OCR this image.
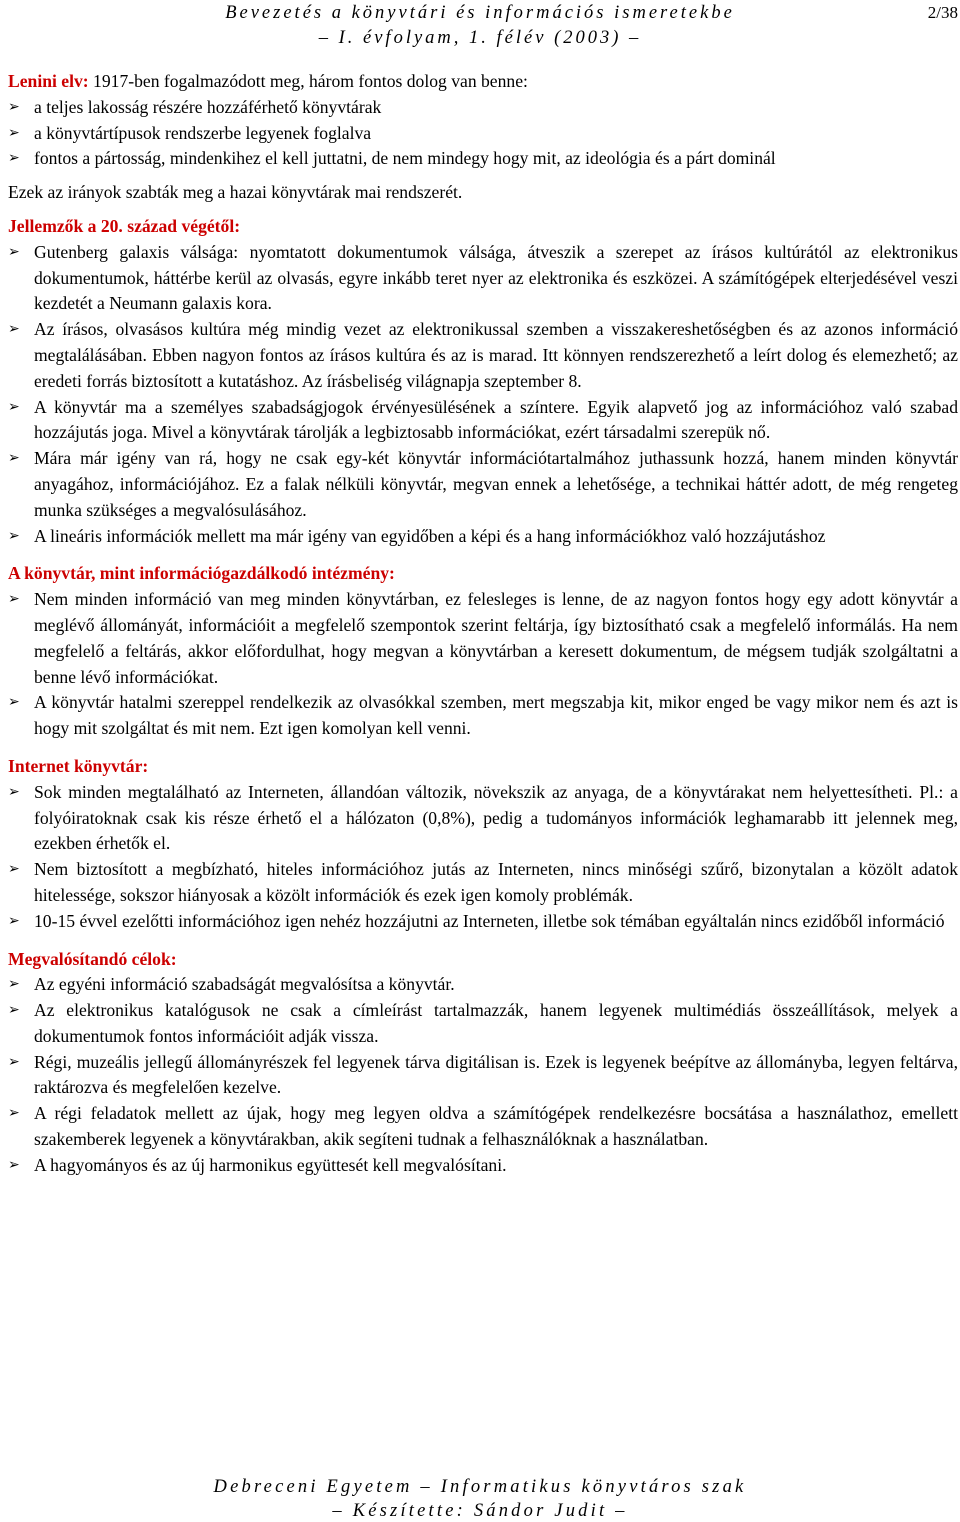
Bevezetés a könyvtári és információs ismeretekbe
– I. évfolyam, 1. félév (2003) –
2/38

Lenini elv: 1917-ben fogalmazódott meg, három fontos dolog van benne:

➢ a teljes lakosság részére hozzáférhető könyvtárak
➢ a könyvtártípusok rendszerbe legyenek foglalva
➢ fontos a pártosság, mindenkihez el kell juttatni, de nem mindegy hogy mit, az ideológia és a párt dominál

Ezek az irányok szabták meg a hazai könyvtárak mai rendszerét.

Jellemzők a 20. század végétől:

➢ Gutenberg galaxis válsága: nyomtatott dokumentumok válsága, átveszik a szerepet az írásos kultúrától az elektronikus dokumentumok, háttérbe kerül az olvasás, egyre inkább teret nyer az elektronika és eszközei. A számítógépek elterjedésével veszi kezdetét a Neumann galaxis kora.
➢ Az írásos, olvasásos kultúra még mindig vezet az elektronikussal szemben a visszakereshetőségben és az azonos információ megtalálásában. Ebben nagyon fontos az írásos kultúra és az is marad. Itt könnyen rendszerezhető a leírt dolog és elemezhető; az eredeti forrás biztosított a kutatáshoz. Az írásbeliség világnapja szeptember 8.
➢ A könyvtár ma a személyes szabadságjogok érvényesülésének a színtere. Egyik alapvető jog az információhoz való szabad hozzájutás joga. Mivel a könyvtárak tárolják a legbiztosabb információkat, ezért társadalmi szerepük nő.
➢ Mára már igény van rá, hogy ne csak egy-két könyvtár információtartalmához juthassunk hozzá, hanem minden könyvtár anyagához, információjához. Ez a falak nélküli könyvtár, megvan ennek a lehetősége, a technikai háttér adott, de még rengeteg munka szükséges a megvalósulásához.
➢ A lineáris információk mellett ma már igény van egyidőben a képi és a hang információkhoz való hozzájutáshoz

A könyvtár, mint információgazdálkodó intézmény:

➢ Nem minden információ van meg minden könyvtárban, ez felesleges is lenne, de az nagyon fontos hogy egy adott könyvtár a meglévő állományát, információit a megfelelő szempontok szerint feltárja, így biztosítható csak a megfelelő informálás. Ha nem megfelelő a feltárás, akkor előfordulhat, hogy megvan a könyvtárban a keresett dokumentum, de mégsem tudják szolgáltatni a benne lévő információkat.
➢ A könyvtár hatalmi szereppel rendelkezik az olvasókkal szemben, mert megszabja kit, mikor enged be vagy mikor nem és azt is hogy mit szolgáltat és mit nem. Ezt igen komolyan kell venni.

Internet könyvtár:

➢ Sok minden megtalálható az Interneten, állandóan változik, növekszik az anyaga, de a könyvtárakat nem helyettesítheti. Pl.: a folyóiratoknak csak kis része érhető el a hálózaton (0,8%), pedig a tudományos információk leghamarabb itt jelennek meg, ezekben érhetők el.
➢ Nem biztosított a megbízható, hiteles információhoz jutás az Interneten, nincs minőségi szűrő, bizonytalan a közölt adatok hitelessége, sokszor hiányosak a közölt információk és ezek igen komoly problémák.
➢ 10-15 évvel ezelőtti információhoz igen nehéz hozzájutni az Interneten, illetbe sok témában egyáltalán nincs ezidőből információ

Megvalósítandó célok:

➢ Az egyéni információ szabadságát megvalósítsa a könyvtár.
➢ Az elektronikus katalógusok ne csak a címleírást tartalmazzák, hanem legyenek multimédiás összeállítások, melyek a dokumentumok fontos információit adják vissza.
➢ Régi, muzeális jellegű állományrészek fel legyenek tárva digitálisan is. Ezek is legyenek beépítve az állományba, legyen feltárva, raktározva és megfelelően kezelve.
➢ A régi feladatok mellett az újak, hogy meg legyen oldva a számítógépek rendelkezésre bocsátása a használathoz, emellett szakemberek legyenek a könyvtárakban, akik segíteni tudnak a felhasználóknak a használatban.
➢ A hagyományos és az új harmonikus együttesét kell megvalósítani.
Debreceni Egyetem – Informatikus könyvtáros szak
– Készítette: Sándor Judit –
